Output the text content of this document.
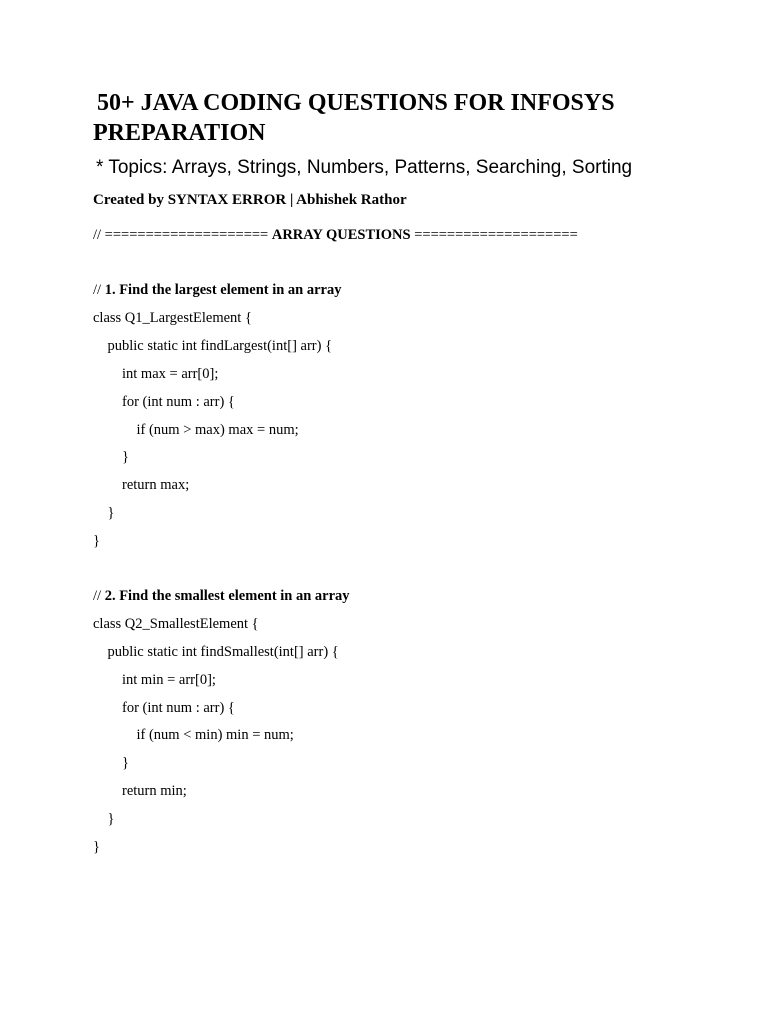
50+ JAVA CODING QUESTIONS FOR INFOSYS
PREPARATION
* Topics: Arrays, Strings, Numbers, Patterns, Searching, Sorting
Created by SYNTAX ERROR | Abhishek Rathor
// ==================== ARRAY QUESTIONS ====================
// 1. Find the largest element in an array
class Q1_LargestElement {
public static int findLargest(int[] arr) {
int max = arr[0];
for (int num : arr) {
if (num > max) max = num;
}
return max;
}
}
// 2. Find the smallest element in an array
class Q2_SmallestElement {
public static int findSmallest(int[] arr) {
int min = arr[0];
for (int num : arr) {
if (num < min) min = num;
}
return min;
}
}
